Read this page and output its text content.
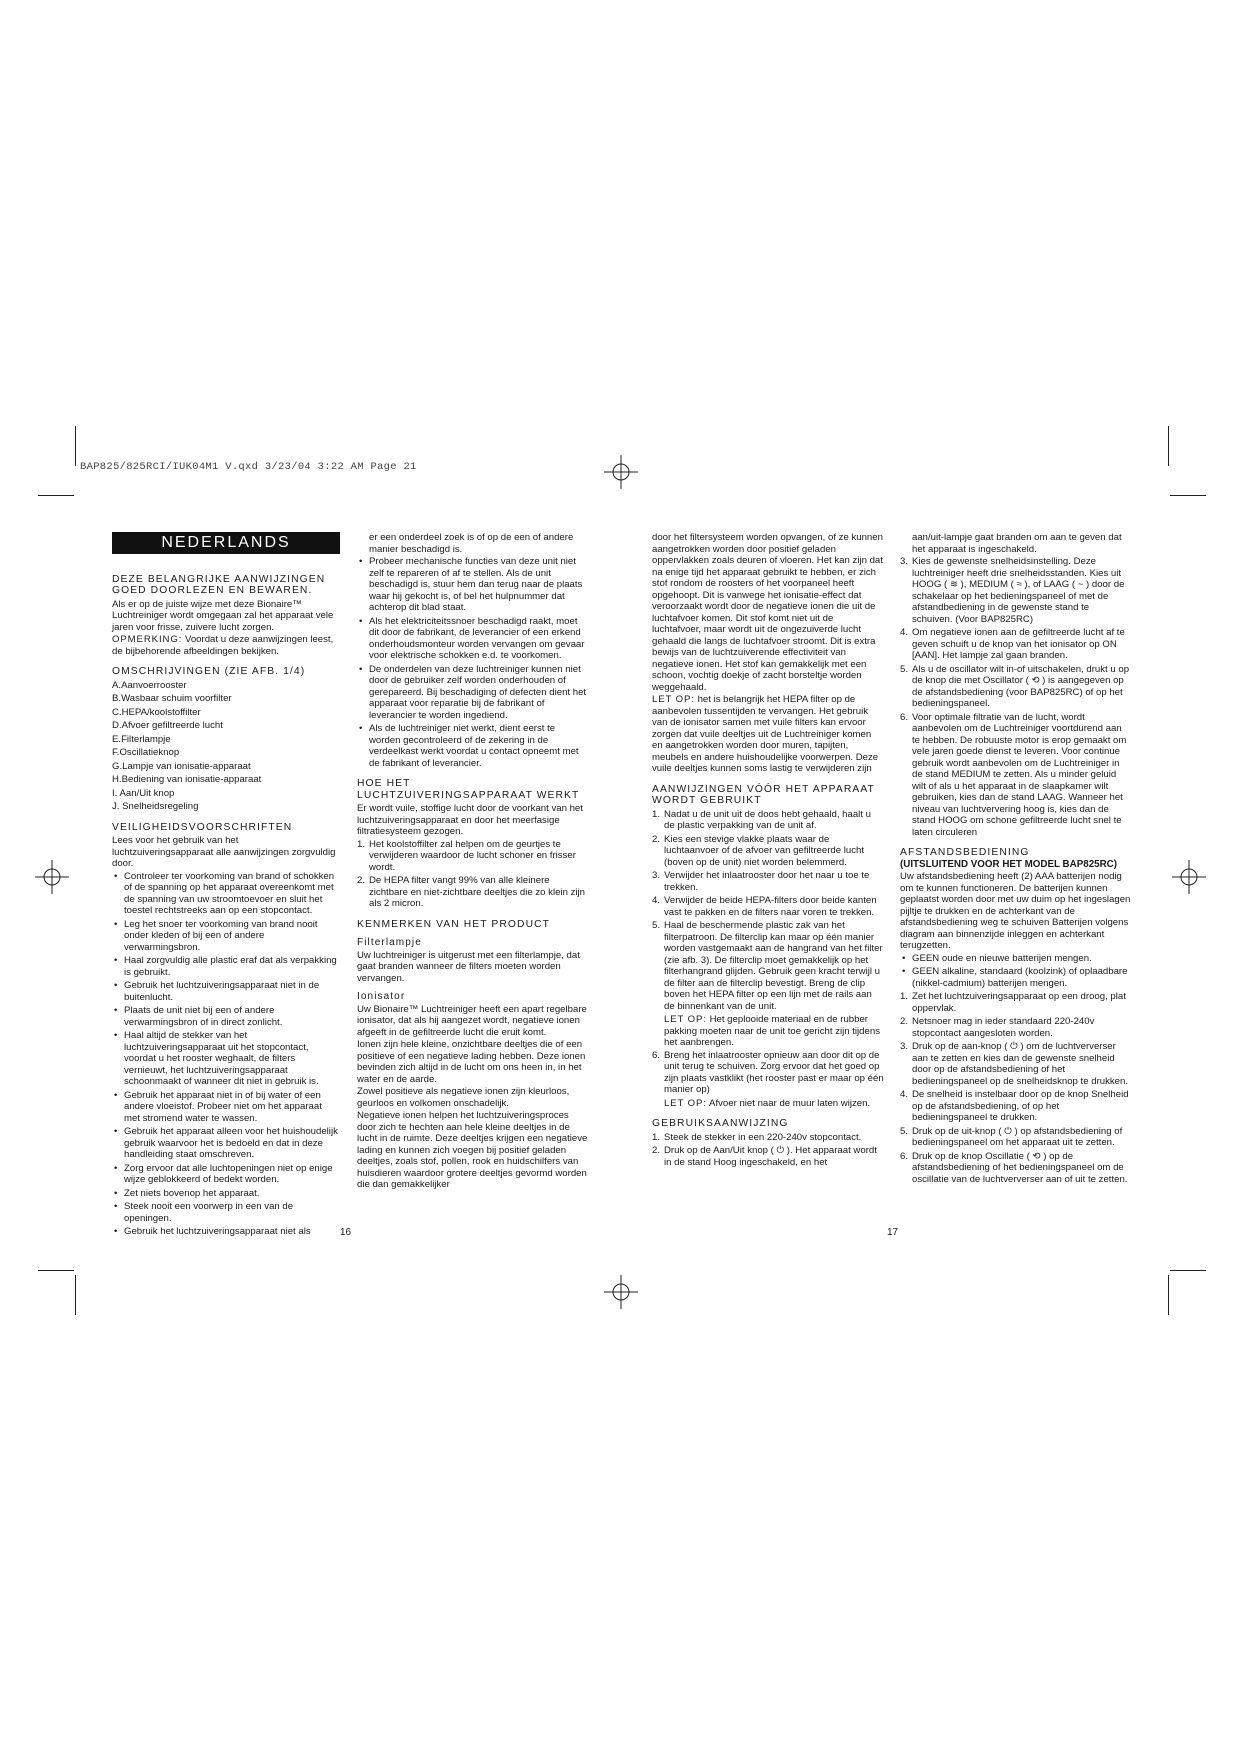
BAP825/825RCI/IUK04M1 V.qxd 3/23/04 3:22 AM Page 21
NEDERLANDS
DEZE BELANGRIJKE AANWIJZINGEN GOED DOORLEZEN EN BEWAREN.

Als er op de juiste wijze met deze Bionaire™ Luchtreiniger wordt omgegaan zal het apparaat vele jaren voor frisse, zuivere lucht zorgen.

OPMERKING: Voordat u deze aanwijzingen leest, de bijbehorende afbeeldingen bekijken.

OMSCHRIJVINGEN (ZIE AFB. 1/4)
A.Aanvoerrooster
B.Wasbaar schuim voorfilter
C.HEPA/koolstoffilter
D.Afvoer gefiltreerde lucht
E.Filterlampje
F.Oscillatieknop
G.Lampje van ionisatie-apparaat
H.Bediening van ionisatie-apparaat
I. Aan/Uit knop
J. Snelheidsregeling
VEILIGHEIDSVOORSCHRIFTEN

Lees voor het gebruik van het luchtzuiveringsapparaat alle aanwijzingen zorgvuldig door.

• Controleer ter voorkoming van brand of schokken of de spanning op het apparaat overeenkomt met de spanning van uw stroomtoevoer en sluit het toestel rechtstreeks aan op een stopcontact.
• Leg het snoer ter voorkoming van brand nooit onder kleden of bij een of andere verwarmingsbron.
• Haal zorgvuldig alle plastic eraf dat als verpakking is gebruikt.
• Gebruik het luchtzuiveringsapparaat niet in de buitenlucht.
• Plaats de unit niet bij een of andere verwarmingsbron of in direct zonlicht.
• Haal altijd de stekker van het luchtzuiveringsapparaat uit het stopcontact, voordat u het rooster weghaalt, de filters vernieuwt, het luchtzuiveringsapparaat schoonmaakt of wanneer dit niet in gebruik is.
• Gebruik het apparaat niet in of bij water of een andere vloeistof. Probeer niet om het apparaat met stromend water te wassen.
• Gebruik het apparaat alleen voor het huishoudelijk gebruik waarvoor het is bedoeld en dat in deze handleiding staat omschreven.
• Zorg ervoor dat alle luchtopeningen niet op enige wijze geblokkeerd of bedekt worden.
• Zet niets bovenop het apparaat.
• Steek nooit een voorwerp in een van de openingen.
• Gebruik het luchtzuiveringsapparaat niet als

er een onderdeel zoek is of op de een of andere manier beschadigd is.

• Probeer mechanische functies van deze unit niet zelf te repareren of af te stellen. Als de unit beschadigd is, stuur hem dan terug naar de plaats waar hij gekocht is, of bel het hulpnummer dat achterop dit blad staat.
• Als het elektriciteitssnoer beschadigd raakt, moet dit door de fabrikant, de leverancier of een erkend onderhoudsmonteur worden vervangen om gevaar voor elektrische schokken e.d. te voorkomen.
• De onderdelen van deze luchtreiniger kunnen niet door de gebruiker zelf worden onderhouden of gerepareerd. Bij beschadiging of defecten dient het apparaat voor reparatie bij de fabrikant of leverancier te worden ingediend.
• Als de luchtreiniger niet werkt, dient eerst te worden gecontroleerd of de zekering in de verdeelkast werkt voordat u contact opneemt met de fabrikant of leverancier.
HOE HET LUCHTZUIVERINGSAPPARAAT WERKT

Er wordt vuile, stoffige lucht door de voorkant van het luchtzuiveringsapparaat en door het meerfasige filtratiesysteem gezogen.

1. Het koolstoffilter zal helpen om de geurtjes te verwijderen waardoor de lucht schoner en frisser wordt.
2. De HEPA filter vangt 99% van alle kleinere zichtbare en niet-zichtbare deeltjes die zo klein zijn als 2 micron.
KENMERKEN VAN HET PRODUCT
Filterlampje

Uw luchtreiniger is uitgerust met een filterlampje, dat gaat branden wanneer de filters moeten worden vervangen.

Ionisator

Uw Bionaire™ Luchtreiniger heeft een apart regelbare ionisator, dat als hij aangezet wordt, negatieve ionen afgeeft in de gefiltreerde lucht die eruit komt.

Ionen zijn hele kleine, onzichtbare deeltjes die of een positieve of een negatieve lading hebben. Deze ionen bevinden zich altijd in de lucht om ons heen in, in het water en de aarde.

Zowel positieve als negatieve ionen zijn kleurloos, geurloos en volkomen onschadelijk.

Negatieve ionen helpen het luchtzuiveringsproces door zich te hechten aan hele kleine deeltjes in de lucht in de ruimte. Deze deeltjes krijgen een negatieve lading en kunnen zich voegen bij positief geladen deeltjes, zoals stof, pollen, rook en huidschilfers van huisdieren waardoor grotere deeltjes gevormd worden die dan gemakkelijker

16

door het filtersysteem worden opvangen, of ze kunnen aangetrokken worden door positief geladen oppervlakken zoals deuren of vloeren. Het kan zijn dat na enige tijd het apparaat gebruikt te hebben, er zich stof rondom de roosters of het voorpaneel heeft opgehoopt. Dit is vanwege het ionisatie-effect dat veroorzaakt wordt door de negatieve ionen die uit de luchtafvoer komen. Dit stof komt niet uit de luchtafvoer, maar wordt uit de ongezuiverde lucht gehaald die langs de luchtafvoer stroomt. Dit is extra bewijs van de luchtzuiverende effectiviteit van negatieve ionen. Het stof kan gemakkelijk met een schoon, vochtig doekje of zacht borsteltje worden weggehaald.

LET OP: het is belangrijk het HEPA filter op de aanbevolen tussentijden te vervangen. Het gebruik van de ionisator samen met vuile filters kan ervoor zorgen dat vuile deeltjes uit de Luchtreiniger komen en aangetrokken worden door muren, tapijten, meubels en andere huishoudelijke voorwerpen. Deze vuile deeltjes kunnen soms lastig te verwijderen zijn

AANWIJZINGEN VÓÓR HET APPARAAT WORDT GEBRUIKT
1. Nadat u de unit uit de doos hebt gehaald, haalt u de plastic verpakking van de unit af.
2. Kies een stevige vlakke plaats waar de luchtaanvoer of de afvoer van gefiltreerde lucht (boven op de unit) niet worden belemmerd.
3. Verwijder het inlaatrooster door het naar u toe te trekken.
4. Verwijder de beide HEPA-filters door beide kanten vast te pakken en de filters naar voren te trekken.
5. Haal de beschermende plastic zak van het filterpatroon. De filterclip kan maar op één manier worden vastgemaakt aan de hangrand van het filter (zie afb. 3). De filterclip moet gemakkelijk op het filterhangrand glijden. Gebruik geen kracht terwijl u de filter aan de filterclip bevestigt. Breng de clip boven het HEPA filter op een lijn met de rails aan de binnenkant van de unit.

LET OP: Het geplooide materiaal en de rubber pakking moeten naar de unit toe gericht zijn tijdens het aanbrengen.

6. Breng het inlaatrooster opnieuw aan door dit op de unit terug te schuiven. Zorg ervoor dat het goed op zijn plaats vastklikt (het rooster past er maar op één manier op)

LET OP: Afvoer niet naar de muur laten wijzen.

GEBRUIKSAANWIJZING
1. Steek de stekker in een 220-240v stopcontact.
2. Druk op de Aan/Uit knop ( ⏻ ). Het apparaat wordt in de stand Hoog ingeschakeld, en het

aan/uit-lampje gaat branden om aan te geven dat het apparaat is ingeschakeld.

3. Kies de gewenste snelheidsinstelling. Deze luchtreiniger heeft drie snelheidsstanden. Kies uit HOOG ( ≋ ), MEDIUM ( ≈ ), of LAAG ( ~ ) door de schakelaar op het bedieningspaneel of met de afstandbediening in de gewenste stand te schuiven. (Voor BAP825RC)
4. Om negatieve ionen aan de gefiltreerde lucht af te geven schuift u de knop van het ionisator op ON [AAN]. Het lampje zal gaan branden.
5. Als u de oscillator wilt in-of uitschakelen, drukt u op de knop die met Oscillator ( ⟲ ) is aangegeven op de afstandsbediening (voor BAP825RC) of op het bedieningspaneel.
6. Voor optimale filtratie van de lucht, wordt aanbevolen om de Luchtreiniger voortdurend aan te hebben. De robuuste motor is erop gemaakt om vele jaren goede dienst te leveren. Voor continue gebruik wordt aanbevolen om de Luchtreiniger in de stand MEDIUM te zetten. Als u minder geluid wilt of als u het apparaat in de slaapkamer wilt gebruiken, kies dan de stand LAAG. Wanneer het niveau van luchtververing hoog is, kies dan de stand HOOG om schone gefiltreerde lucht snel te laten circuleren
AFSTANDSBEDIENING

(UITSLUITEND VOOR HET MODEL BAP825RC)

Uw afstandsbediening heeft (2) AAA batterijen nodig om te kunnen functioneren. De batterijen kunnen geplaatst worden door met uw duim op het ingeslagen pijltje te drukken en de achterkant van de afstandsbediening weg te schuiven Batterijen volgens diagram aan binnenzijde inleggen en achterkant terugzetten.

• GEEN oude en nieuwe batterijen mengen.
• GEEN alkaline, standaard (koolzink) of oplaadbare (nikkel-cadmium) batterijen mengen.
1. Zet het luchtzuiveringsapparaat op een droog, plat oppervlak.
2. Netsnoer mag in ieder standaard 220-240v stopcontact aangesloten worden.
3. Druk op de aan-knop ( ⏻ ) om de luchtververser aan te zetten en kies dan de gewenste snelheid door op de afstandsbediening of het bedieningspaneel op de snelheidsknop te drukken.
4. De snelheid is instelbaar door op de knop Snelheid op de afstandsbediening, of op het bedieningspaneel te drukken.
5. Druk op de uit-knop ( ⏻ ) op afstandsbediening of bedieningspaneel om het apparaat uit te zetten.
6. Druk op de knop Oscillatie ( ⟲ ) op de afstandsbediening of het bedieningspaneel om de oscillatie van de luchtververser aan of uit te zetten.
17
